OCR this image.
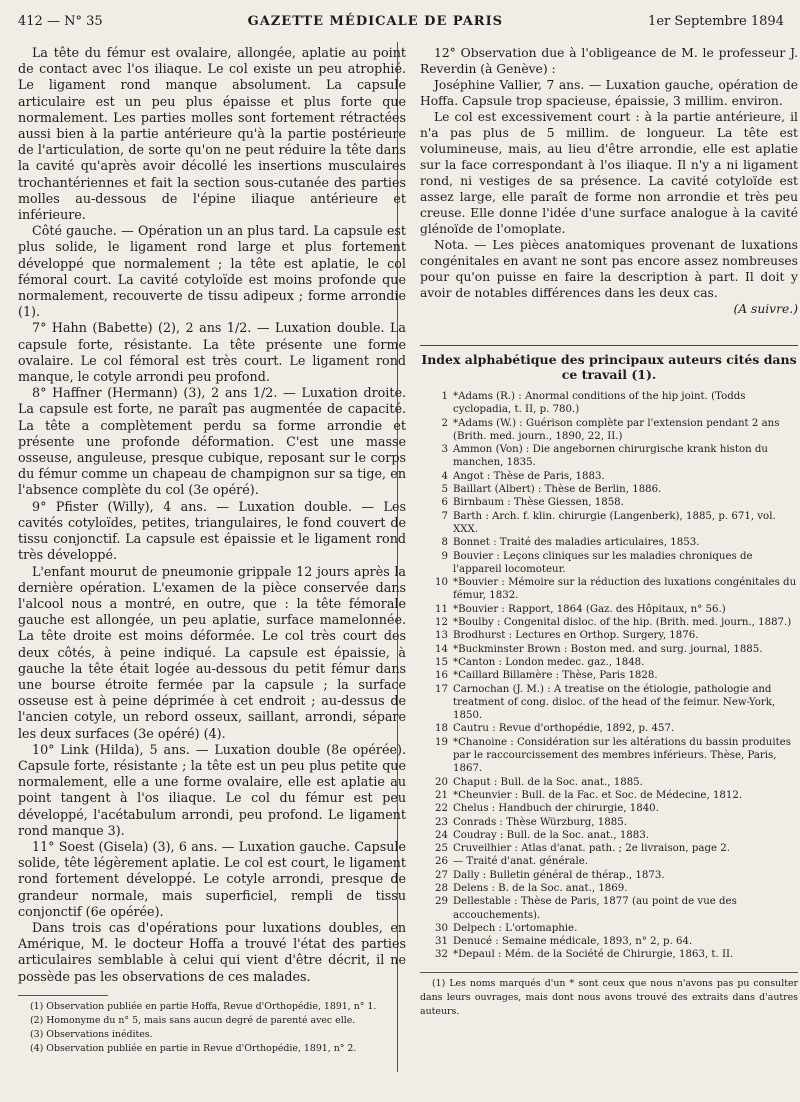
412 — N° 35	GAZETTE MÉDICALE DE PARIS	1er Septembre 1894

La tête du fémur est ovalaire, allongée, aplatie au point de contact avec l'os iliaque. Le col existe un peu atrophié. Le ligament rond manque absolument. La capsule articulaire est un peu plus épaisse et plus forte que normalement. Les parties molles sont fortement rétractées aussi bien à la partie antérieure qu'à la partie postérieure de l'articulation, de sorte qu'on ne peut réduire la tête dans la cavité qu'après avoir décollé les insertions musculaires trochantériennes et fait la section sous-cutanée des parties molles au-dessous de l'épine iliaque antérieure et inférieure.

Côté gauche. — Opération un an plus tard. La capsule est plus solide, le ligament rond large et plus fortement développé que normalement ; la tête est aplatie, le col fémoral court. La cavité cotyloïde est moins profonde que normalement, recouverte de tissu adipeux ; forme arrondie (1).

7° Hahn (Babette) (2), 2 ans 1/2. — Luxation double. La capsule forte, résistante. La tête présente une forme ovalaire. Le col fémoral est très court. Le ligament rond manque, le cotyle arrondi peu profond.

8° Haffner (Hermann) (3), 2 ans 1/2. — Luxation droite. La capsule est forte, ne paraît pas augmentée de capacité. La tête a complètement perdu sa forme arrondie et présente une profonde déformation. C'est une masse osseuse, anguleuse, presque cubique, reposant sur le corps du fémur comme un chapeau de champignon sur sa tige, en l'absence complète du col (3e opéré).

9° Pfister (Willy), 4 ans. — Luxation double. — Les cavités cotyloïdes, petites, triangulaires, le fond couvert de tissu conjonctif. La capsule est épaissie et le ligament rond très développé.

L'enfant mourut de pneumonie grippale 12 jours après la dernière opération. L'examen de la pièce conservée dans l'alcool nous a montré, en outre, que : la tête fémorale gauche est allongée, un peu aplatie, surface mamelonnée. La tête droite est moins déformée. Le col très court des deux côtés, à peine indiqué. La capsule est épaissie, à gauche la tête était logée au-dessous du petit fémur dans une bourse étroite fermée par la capsule ; la surface osseuse est à peine déprimée à cet endroit ; au-dessus de l'ancien cotyle, un rebord osseux, saillant, arrondi, sépare les deux surfaces (3e opéré) (4).

10° Link (Hilda), 5 ans. — Luxation double (8e opérée). Capsule forte, résistante ; la tête est un peu plus petite que normalement, elle a une forme ovalaire, elle est aplatie au point tangent à l'os iliaque. Le col du fémur est peu développé, l'acétabulum arrondi, peu profond. Le ligament rond manque 3).

11° Soest (Gisela) (3), 6 ans. — Luxation gauche. Capsule solide, tête légèrement aplatie. Le col est court, le ligament rond fortement développé. Le cotyle arrondi, presque de grandeur normale, mais superficiel, rempli de tissu conjonctif (6e opérée).

Dans trois cas d'opérations pour luxations doubles, en Amérique, M. le docteur Hoffa a trouvé l'état des parties articulaires semblable à celui qui vient d'être décrit, il ne possède pas les observations de ces malades.

(1) Observation publiée en partie Hoffa, Revue d'Orthopédie, 1891, n° 1.

(2) Homonyme du n° 5, mais sans aucun degré de parenté avec elle.

(3) Observations inédites.

(4) Observation publiée en partie in Revue d'Orthopédie, 1891, n° 2.

12° Observation due à l'obligeance de M. le professeur J. Reverdin (à Genève) :

Joséphine Vallier, 7 ans. — Luxation gauche, opération de Hoffa. Capsule trop spacieuse, épaissie, 3 millim. environ.

Le col est excessivement court : à la partie antérieure, il n'a pas plus de 5 millim. de longueur. La tête est volumineuse, mais, au lieu d'être arrondie, elle est aplatie sur la face correspondant à l'os iliaque. Il n'y a ni ligament rond, ni vestiges de sa présence. La cavité cotyloïde est assez large, elle paraît de forme non arrondie et très peu creuse. Elle donne l'idée d'une surface analogue à la cavité glénoïde de l'omoplate.

Nota. — Les pièces anatomiques provenant de luxations congénitales en avant ne sont pas encore assez nombreuses pour qu'on puisse en faire la description à part. Il doit y avoir de notables différences dans les deux cas.

(A suivre.)
Index alphabétique des principaux auteurs cités dans ce travail (1).
1 *Adams (R.) : Anormal conditions of the hip joint. (Todds cyclopadia, t. II, p. 780.)
2 *Adams (W.) : Guérison complète par l'extension pendant 2 ans (Brith. med. journ., 1890, 22, II.)
3 Ammon (Von) : Die angebornen chirurgische krank histon du manchen, 1835.
4 Angot : Thèse de Paris, 1883.
5 Baillart (Albert) : Thèse de Berlin, 1886.
6 Birnbaum : Thèse Giessen, 1858.
7 Barth : Arch. f. klin. chirurgie (Langenberk), 1885, p. 671, vol. XXX.
8 Bonnet : Traité des maladies articulaires, 1853.
9 Bouvier : Leçons cliniques sur les maladies chroniques de l'appareil locomoteur.
10 *Bouvier : Mémoire sur la réduction des luxations congénitales du fémur, 1832.
11 *Bouvier : Rapport, 1864 (Gaz. des Hôpitaux, n° 56.)
12 *Boulby : Congenital disloc. of the hip. (Brith. med. journ., 1887.)
13 Brodhurst : Lectures en Orthop. Surgery, 1876.
14 *Buckminster Brown : Boston med. and surg. journal, 1885.
15 *Canton : London medec. gaz., 1848.
16 *Caillard Billamère : Thèse, Paris 1828.
17 Carnochan (J. M.) : A treatise on the étiologie, pathologie and treatment of cong. disloc. of the head of the feimur. New-York, 1850.
18 Cautru : Revue d'orthopédie, 1892, p. 457.
19 *Chanoine : Considération sur les altérations du bassin produites par le raccourcissement des membres inférieurs. Thèse, Paris, 1867.
20 Chaput : Bull. de la Soc. anat., 1885.
21 *Cheunvier : Bull. de la Fac. et Soc. de Médecine, 1812.
22 Chelus : Handbuch der chirurgie, 1840.
23 Conrads : Thèse Würzburg, 1885.
24 Coudray : Bull. de la Soc. anat., 1883.
25 Cruveilhier : Atlas d'anat. path. ; 2e livraison, page 2.
26 — Traité d'anat. générale.
27 Dally : Bulletin général de thérap., 1873.
28 Delens : B. de la Soc. anat., 1869.
29 Dellestable : Thèse de Paris, 1877 (au point de vue des accouchements).
30 Delpech : L'ortomaphie.
31 Denucé : Semaine médicale, 1893, n° 2, p. 64.
32 *Depaul : Mém. de la Société de Chirurgie, 1863, t. II.

(1) Les noms marqués d'un * sont ceux que nous n'avons pas pu consulter dans leurs ouvrages, mais dont nous avons trouvé des extraits dans d'autres auteurs.
